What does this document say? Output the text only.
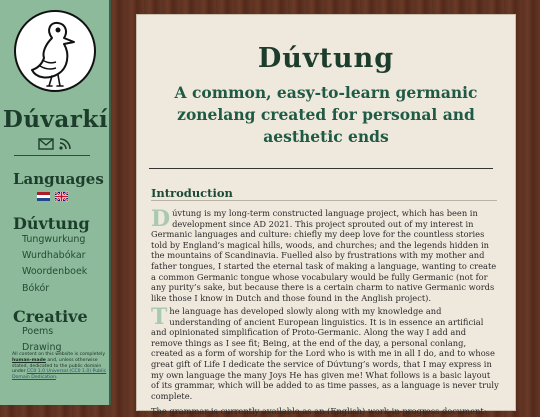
Dúvarkí
Languages
Dúvtung
Tungwurkung
Wurdhabókar
Woordenboek
Bókór
Creative
Poems
Drawing
All content on this website is completely human-made and, unless otherwise stated, dedicated to the public domain under CC0 1.0 Universal (CC0 1.0) Public Domain Dedication.
Dúvtung
A common, easy-to-learn germanic zonelang created for personal and aesthetic ends
Introduction
Dúvtung is my long-term constructed language project, which has been in development since AD 2021. This project sprouted out of my interest in Germanic languages and culture: chiefly my deep love for the countless stories told by England’s magical hills, woods, and churches; and the legends hidden in the mountains of Scandinavia. Fuelled also by frustrations with my mother and father tongues, I started the eternal task of making a language, wanting to create a common Germanic tongue whose vocabulary would be fully Germanic (not for any purity’s sake, but because there is a certain charm to native Germanic words like those I know in Dutch and those found in the Anglish project).
The language has developed slowly along with my knowledge and understanding of ancient European linguistics. It is in essence an artificial and opinionated simplification of Proto-Germanic. Along the way I add and remove things as I see fit; Being, at the end of the day, a personal conlang, created as a form of worship for the Lord who is with me in all I do, and to whose great gift of Life I dedicate the service of Dúvtung’s words, that I may express in my own language the many Joys He has given me! What follows is a basic layout of its grammar, which will be added to as time passes, as a language is never truly complete.
The grammar is currently available as an (English) work-in-progress document:
